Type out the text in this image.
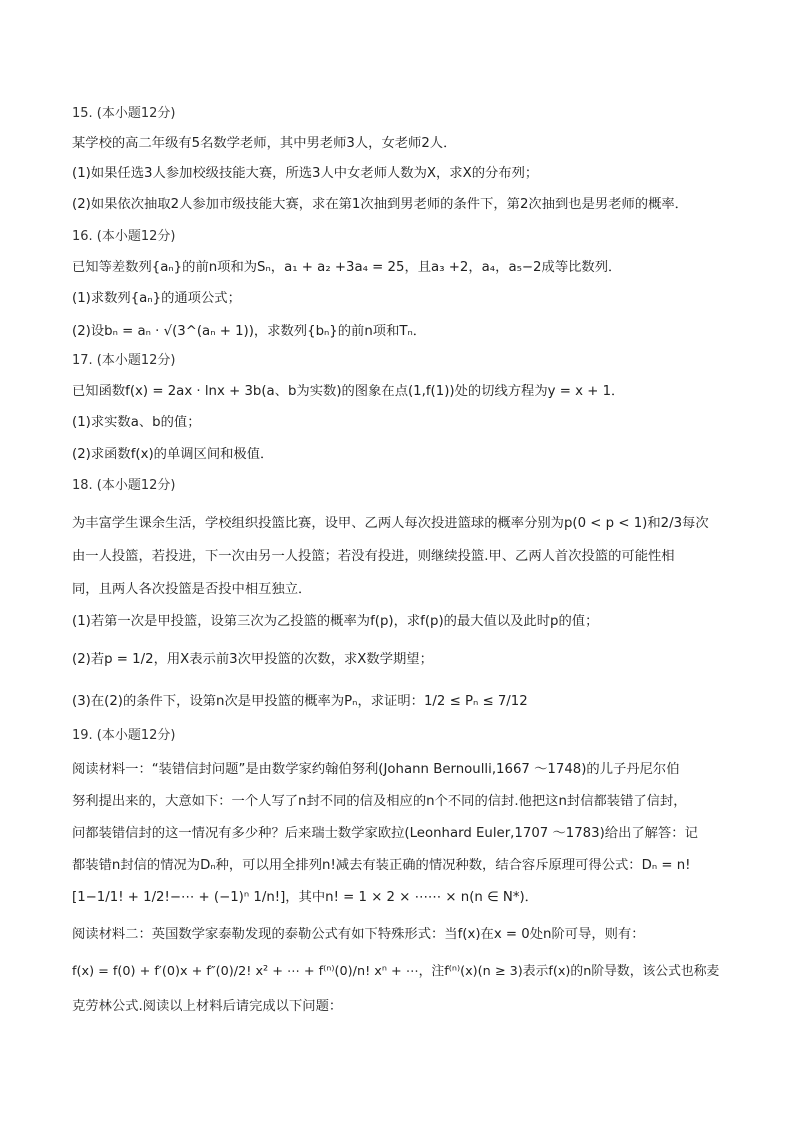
15. (本小题12分)
某学校的高二年级有5名数学老师，其中男老师3人，女老师2人．
(1)如果任选3人参加校级技能大赛，所选3人中女老师人数为X，求X的分布列；
(2)如果依次抽取2人参加市级技能大赛，求在第1次抽到男老师的条件下，第2次抽到也是男老师的概率．
16. (本小题12分)
已知等差数列{aₙ}的前n项和为Sₙ，a₁ + a₂ +3a₄ = 25，且a₃ +2，a₄，a₅−2成等比数列．
(1)求数列{aₙ}的通项公式；
(2)设bₙ = aₙ · √(3^(aₙ + 1))，求数列{bₙ}的前n项和Tₙ．
17. (本小题12分)
已知函数f(x) = 2ax · lnx + 3b(a、b为实数)的图象在点(1,f(1))处的切线方程为y = x + 1．
(1)求实数a、b的值；
(2)求函数f(x)的单调区间和极值．
18. (本小题12分)
为丰富学生课余生活，学校组织投篮比赛，设甲、乙两人每次投进篮球的概率分别为p(0 < p < 1)和2/3每次
由一人投篮，若投进，下一次由另一人投篮；若没有投进，则继续投篮.甲、乙两人首次投篮的可能性相
同，且两人各次投篮是否投中相互独立．
(1)若第一次是甲投篮，设第三次为乙投篮的概率为f(p)，求f(p)的最大值以及此时p的值；
(2)若p = 1/2，用X表示前3次甲投篮的次数，求X数学期望；
(3)在(2)的条件下，设第n次是甲投篮的概率为Pₙ，求证明：1/2 ≤ Pₙ ≤ 7/12
19. (本小题12分)
阅读材料一：“装错信封问题”是由数学家约翰伯努利(Johann Bernoulli,1667 ～1748)的儿子丹尼尔伯
努利提出来的，大意如下：一个人写了n封不同的信及相应的n个不同的信封.他把这n封信都装错了信封，
问都装错信封的这一情况有多少种？后来瑞士数学家欧拉(Leonhard Euler,1707 ～1783)给出了解答：记
都装错n封信的情况为Dₙ种，可以用全排列n!减去有装正确的情况种数，结合容斥原理可得公式：Dₙ = n!
[1−1/1! + 1/2!−⋯ + (−1)ⁿ 1/n!]，其中n! = 1 × 2 × ⋯⋯ × n(n ∈ N*)．
阅读材料二：英国数学家泰勒发现的泰勒公式有如下特殊形式：当f(x)在x = 0处n阶可导，则有：
f(x) = f(0) + f′(0)x + f″(0)/2! x² + ⋯ + f⁽ⁿ⁾(0)/n! xⁿ + ⋯，注f⁽ⁿ⁾(x)(n ≥ 3)表示f(x)的n阶导数，该公式也称麦
克劳林公式.阅读以上材料后请完成以下问题：
